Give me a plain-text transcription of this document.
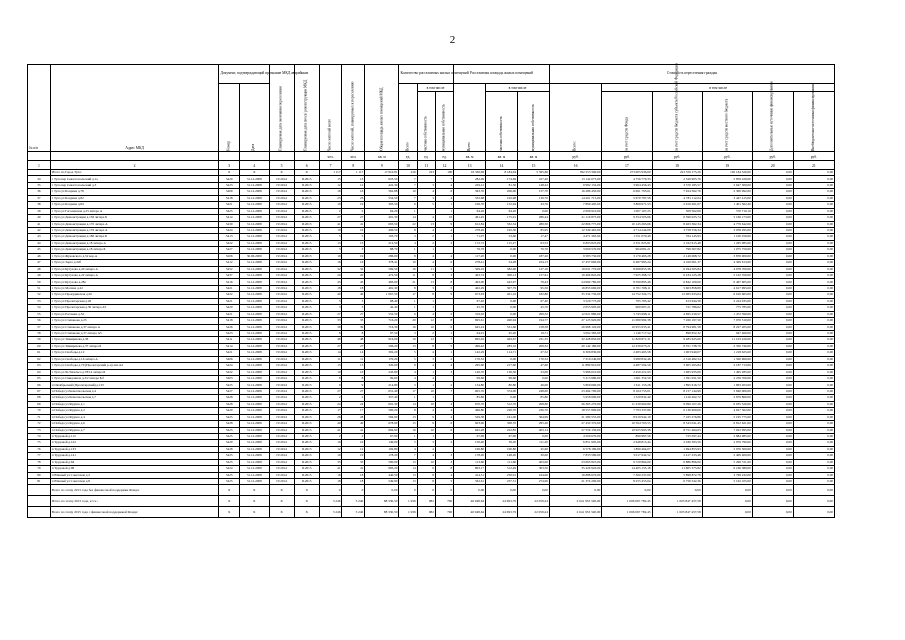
2
№ п/п	Адрес МКД	Документ, подтверждающий признание МКД аварийным		Планируемая дата окончания переселения	Планируемая дата сноса/ реконструкции МКД	Число жителей всего	Число жителей, планируемых к переселению	Общая площадь жилых помещений МКД	Количество расселяемых жилых помещений			Расселяемая площадь жилых помещений			Стоимость переселения граждан					
		Номер	Дата						Всего	в том числе		Всего	в том числе		Всего:	в том числе				
										частная собственность	муниципальная собственность		частная собственность	муниципальная собственность		за счет средств Фонда	за счет средств бюджета субъекта Российской Федерации	за счет средств местного бюджета	Дополнительные источники финансирования	Внебюджетные источники финансирования
						чел.	чел.	кв. м	ед.	ед.	ед.	кв. м	кв. м	кв. м	руб.	руб.	руб.	руб.	руб.	руб.
1	2	3	4	5	6	7	8	9	10	11	12	13	14	15	16	17	18	19	20	21
	Итого по Город Тула:	X	X	X	X	1 117	1 117	17 610,81	416	223	190	16 330,96	8 184,94	5 595,66	592 253 300,00	273 905 936,00	223 359 175,20	162 164 520,00	0,00	0,00
34	г Тула пер Севастопольский д.1а	5420	31.12.2008	IV.2014	II.2015	13	13	623,50	7		7	282,09	174,69	107,40	13 142 075,00	4 756 770,33	2 526 905,76	5 859 229,00	0,00	0,00
35	г Тула пер Севастопольский д.3	5423	31.12.2008	IV.2014	II.2015	12	12	422,30	7	3	4	229,12	81,50	148,22	9 982 152,00	3 964 456,43	3 370 185,57	2 647 509,00	0,00	0,00
36	г Тула ул Болдина д.78	5409	31.12.2008	IV.2014	II.2015	16	16	562,88	10	4	6	363,70	206,00	157,70	16 286 450,00	6 061 795,61	7 924 562,76	2 300 092,00	0,00	0,00
37	г Тула ул Болдина д.82	5418	31.12.2008	IV.2014	II.2015	23	23	554,50	7	3	4	332,68	192,98	139,70	14 201 715,00	5 970 787,56	4 781 112,04	3 447 415,00	0,00	0,00
38	г Тула ул Болдина д.84	5421	31.12.2008	IV.2014	II.2015	19	19	393,50	6	5	1	196,70	152,94	43,76	7 890 495,00	3 869 671,53	2 619 261,07	1 401 562,40	0,00	0,00
39	г Тула ул Гоголевская д.23 литера А	5425	31.12.2008	IV.2014	II.2015	2	2	64,20	1		1	64,20	64,20	0,00	2 096 910,00	1 007 167,25	509 562,69	570 710,10	0,00	0,00
40	г Тула ул Демонстрации д.156 литера Б	5414	31.12.2008	IV.2014	II.2015	27	27	491,30	14	4	10	461,45	175,01	286,44	21 116 875,00	9 354 505,66	6 596 025,74	5 166 173,00	0,00	0,00
41	г Тула ул Демонстрации д.17б литера А	5430	31.12.2008	IV.2014	II.2015	41	41	693,50	22	13	9	612,84	332,34	280,50	22 806 775,00	10 145 263,66	8 463 362,34	4 779 642,00	0,00	0,00
42	г Тула ул Демонстрации д.176 литера А	5424	31.12.2008	IV.2014	II.2015	19	19	406,50	8	4	4	278,26	192,30	85,95	12 349 465,00	4 714 244,09	3 758 556,34	3 058 295,00	0,00	0,00
43	г Тула ул Демонстрации д.180 литера Б	5413	31.12.2008	IV.2014	II.2015	5	5	103,70	3	2	1	71,07	53,60	17,47	4 471 365,00	1 551 079,40	764 145,93	1 100 259,00	0,00	0,00
44	г Тула ул Демонстрации д.18 литера А	5422	31.12.2008	IV.2014	II.2015	13	13	212,50	4	2	2	172,72	115,27	63,53	6 893 823,00	2 351 825,81	2 162 615,48	1 265 085,00	0,00	0,00
45	г Тула ул Демонстрации д.18 литера Б	5427	31.12.2008	IV.2014	II.2015	3	3	88,70	1	1		76,70	0,00	76,70	3 060 570,00	964 081,21	799 567,82	1 075 750,00	0,00	0,00
46	г Тула ул Жуковского д.52 кор.А	5206	30.06.2009	IV.2014	II.2015	19	19	286,00	8	4	4	117,20	0,00	187,20	9 585 750,00	3 170 463,28	2 149 068,72	3 876 000,00	0,00	0,00
47	г Тула ул Зорге д.22б	5412	31.12.2008	IV.2014	II.2015	16	16	378,41	10	4	6	278,41	54,28	224,13	17 457 660,00	6 487 985,24	4 100 061,37	4 309 613,00	0,00	0,00
48	г Тула ул Кутузова д.20 литера А	5452	31.12.2008	IV.2014	II.2015	32	32	509,50	16	11	5	509,16	382,00	127,16	19 631 770,00	8 068 855,36	6 294 505,84	4 078 700,00	0,00	0,00
49	г Тула ул Кутузова д.22 литера А	5437	31.12.2008	IV.2014	II.2015	20	20	472,50	11	8	3	463,74	306,13	157,61	19 466 845,00	7 925 368,72	6 434 125,28	5 102 350,00	0,00	0,00
50	г Тула ул Кутузова д.28а	5416	31.12.2008	IV.2014	II.2015	45	45	483,00	21	13	8	493,00	443,97	79,43	24 960 780,00	8 599 895,46	6 842 109,00	6 467 605,00	0,00	0,00
51	г Тула ул Мосина д.22	5421	31.12.2008	IV.2014	II.2015	18	18	491,30	8	3	5	402,29	307,79	95,50	16 853 690,00	6 701 768,11	5 603 858,89	4 617 995,00	0,00	0,00
52	г Тула ул Прокудинская д.20	5422	31.12.2008	IV.2014	II.2015	40	40	1 067,50	17	8	9	673,93	401,16	182,80	35 334 730,00	14 752 324,73	12 965 633,04	6 616 665,00	0,00	0,00
53	г Тула ул Пролетарская д.26	5421	31.12.2008	IV.2014	II.2015	3	3	68,40	1	1		67,40	0,00	67,40	3 520 775,00	795 785,42	613 944,58	2 224 035,00	0,00	0,00
54	г Тула ул Пролетарская д.30 литера А5	5420	31.12.2008	IV.2014	II.2015	3	3	42,40	1	1		45,70	0,00	45,70	2 055 905,00	960 667,21	721 786,02	775 785,00	0,00	0,00
55	г Тула ул Рогачева д.32	5421	31.12.2008	IV.2014	II.2015	27	27	552,50	6	4	2	319,02	0,00	209,32	12 621 880,00	5 745 698,11	4 695 230,57	1 472 390,00	0,00	0,00
56	г Тула ул Степанова д.25	5418	31.12.2008	IV.2014	II.2015	33	33	716,20	20	12	8	695,61	490,94	194,77	27 123 920,00	11 080 982,38	7 266 197,50	7 976 510,00	0,00	0,00
57	г Тула ул Степанова д.37 литера А	5426	31.12.2008	IV.2014	II.2015	39	39	716,30	16	10	6	645,24	531,66	158,58	26 968 120,00	10 955 935,41	8 794 981,58	8 227 205,00	0,00	0,00
58	г Тула ул Степанова д.37 литера А5	5423	31.12.2008	IV.2014	II.2015	8	8	97,50	3	2	1	64,91	45,20	19,71	3 092 385,00	1 146 717,54	898 652,32	947 460,00	0,00	0,00
59	г Тула ул Тимирязева д.36	5411	31.12.2008	IV.2014	II.2015	48	48	916,00	19	12	7	695,02	463,67	231,35	32 428 850,00	11 829 871,31	9 485 625,00	11 103 220,00	0,00	0,00
60	г Тула ул Тимирязева д.37 литера Б	5414	31.12.2008	IV.2014	II.2015	27	27	506,20	13	8	5	496,42	283,10	209,32	20 142 180,00	12 239 673,21	8 551 738,79	2 350 740,00	0,00	0,00
61	г Тула ул Свободы д.12	5421	31.12.2008	IV.2014	II.2015	14	14	302,20	5	4	1	142,29	114,71	27,52	6 306 830,00	2 483 465,58	1 903 940,07	1 218 625,00	0,00	0,00
62	г Тула ул Свободы д.16 литера А	5406	31.12.2008	IV.2014	II.2015	11	11	170,20	5	3	2	170,52	0,00	170,52	7 310 240,00	3 080 832,46	2 516 482,54	1 500 960,00	0,00	0,00
63	г Тула ул Свободы д.70 (Пролетарский р-н) лит.А4	5424	31.12.2008	IV.2014	II.2015	13	13	320,00	8	4	4	265,60	217,60	47,60	11 889 910,00	4 487 504,59	3 605 265,84	2 187 713,06	0,00	0,00
64	г Тула ул Ф.Энгельса д.78/14 литера Б	5422	31.12.2008	IV.2014	II.2015	10	10	243,80	4	1	3	140,70	136,50	23,00	5 986 010,00	2 450 221,93	1 965 935,00	1 495 285,00	0,00	0,00
65	г Тула ул Смидовича д.3/2 литера Б,б	5403	31.12.2008	IV.2014	II.2015	8	8	99,60	4	4		99,60	99,60	0,00	5 315 980,00	1 661 352,50	1 391 931,50	2 259 700,00	0,00	0,00
66	п Октябрьский (Пролетарский) д.125	5425	31.12.2008	IV.2014	II.2015	9	9	214,80	3	1	2	134,80	80,80	46,00	5 869 660,00	1 611 153,28	1 895 616,72	1 863 203,00	0,00	0,00
67	п Победа ул Комсомольская д.4	5427	31.12.2008	IV.2014	II.2015	27	27	651,40	17	10	7	605,76	374,00	248,00	23 494 700,00	8 164 755,01	8 157 144,99	5 840 000,00	0,00	0,00
68	п Победа ул Комсомольская д.7	5428	31.12.2008	IV.2014	II.2015	2	2	357,40	1	1		85,80	0,00	85,80	5 658 900,00	1 520 832,40	1 216 262,72	2 879 860,00	0,00	0,00
69	п Победа ул Фрунзе д.1	5428	31.12.2008	IV.2014	II.2015	24	24	691,30	14	10	4	670,70	512,70	208,60	26 365 270,00	11 230 902,80	9 099 107,26	6 035 520,00	0,00	0,00
70	п Победа ул Фрунзе д.2	5420	31.12.2008	IV.2014	II.2015	17	17	500,20	8	4	4	466,80	226,70	236,70	18 557 800,00	7 793 337,80	6 136 900,00	4 627 562,00	0,00	0,00
71	п Победа ул Фрунзе д.4	5425	31.12.2008	IV.2014	II.2015	28	28	584,90	13	9	4	529,38	161,00	364,99	21 280 555,00	8 919 942,19	7 165 276,86	5 195 775,00	0,00	0,00
72	п Победа ул Фрунзе д.6	5428	31.12.2008	IV.2014	II.2015	40	40	678,90	15	9	6	603,90	308,70	295,20	27 450 370,00	10 594 703,55	8 543 041,45	6 812 621,00	0,00	0,00
73	п Победа ул Фрунзе д.7	5425	31.12.2008	IV.2014	II.2015	41	41	684,90	16	10	6	645,28	222,85	403,14	27 559 130,00	10 925 993,38	8 751 464,63	7 022 995,00	0,00	0,00
74	п Трудовой д.112	5425	31.12.2008	IV.2014	II.2015	2	2	67,90	1	1		67,90	67,90	0,00	4 500 670,00	890 987,56	725 597,44	2 884 085,00	0,00	0,00
75	п Трудовой д.122	5420	31.12.2008	IV.2014	II.2015	10	10	149,00	5	3	2	150,40	39,20	111,20	6 851 995,00	2 648 815,44	2 030 393,56	2 976 790,00	0,00	0,00
76	п Трудовой д.133	5428	31.12.2008	IV.2014	II.2015	12	12	192,80	4	4		190,80	190,80	45,60	6 578 180,00	1 899 464,07	1 694 853,93	2 976 500,00	0,00	0,00
77	п Трудовой д.141	5425	31.12.2008	IV.2014	II.2015	19	19	178,20	7	4	3	178,20	148,20	30,00	7 833 580,00	3 017 942,52	2 417 233,48	2 409 400,00	0,00	0,00
78	п Трудовой д.64	5425	31.12.2008	IV.2014	II.2015	35	35	590,00	13	10	3	113,60	111,60	403,00	23 063 825,00	9 720 864,60	6 886 896,00	5 296 721,00	0,00	0,00
79	п Трудовой д.98	5424	31.12.2008	IV.2014	II.2015	41	41	983,20	14	6	8	893,17	512,49	303,50	35 426 920,00	14 465 155,18	11 805 375,82	9 166 389,00	0,00	0,00
80	п Южный ул Советская д.2	5425	31.12.2008	IV.2014	II.2015	18	18	440,50	13	8	4	414,51	250,01	164,00	16 888 670,00	7 360 237,00	5 898 872,78	3 769 232,00	0,00	0,00
81	п Южный ул Советская д.8	5425	31.12.2008	IV.2014	II.2015	18	18	549,90	13	8	5	562,61	237,31	274,00	21 374 200,00	8 255 455,64	6 756 542,36	5 162 105,00	0,00	0,00
	Всего по этапу 2013 года без финансовой поддержки Фонда:	X	X	X	X	0	0	0,00	0	0	0	0,00	0,00	0,00	0,00	0,00	0,00	0,00	0,00	0,00
	Итого по этапу 2015 года, в т.ч.:	X	X	X	X	3 246	3 246	88 330,50	1 936	982	790	46 948,64	24 693,79	22 059,24	2 041 953 320,00	1 096 067 782,43	1 005 847 437,58	0,00	0,00	0,00
	Всего по этапу 2015 года с финансовой поддержкой Фонда:	X	X	X	X	3 246	3 246	88 330,50	1 936	982	790	46 948,64	24 693,79	22 059,24	2 041 953 320,00	1 096 067 782,43	1 005 847 437,58	0,00	0,00	0,00
